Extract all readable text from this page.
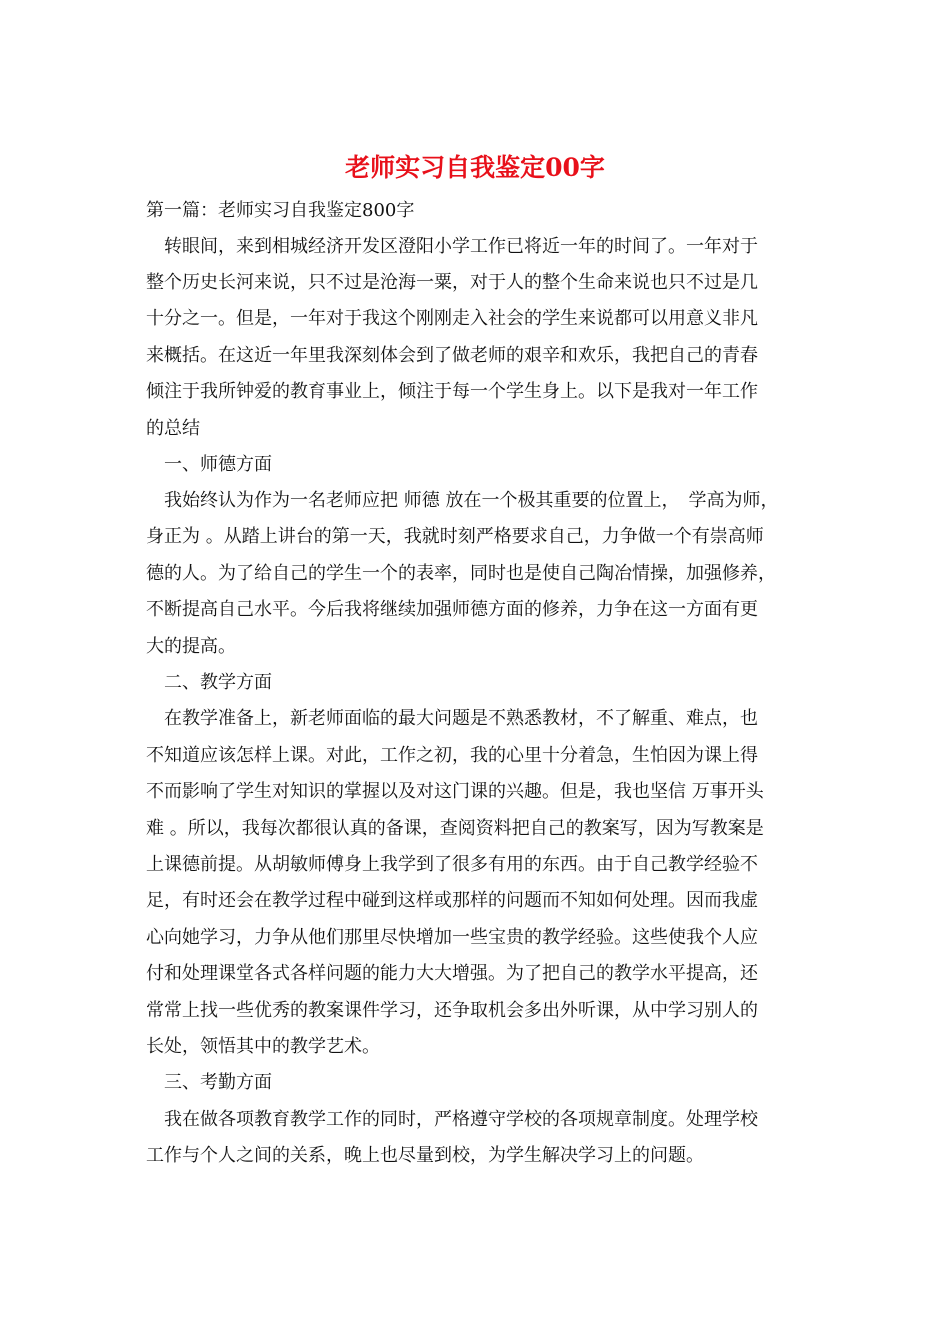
老师实习自我鉴定00字
第一篇：老师实习自我鉴定800字
　转眼间，来到相城经济开发区澄阳小学工作已将近一年的时间了。一年对于
整个历史长河来说，只不过是沧海一粟，对于人的整个生命来说也只不过是几
十分之一。但是，一年对于我这个刚刚走入社会的学生来说都可以用意义非凡
来概括。在这近一年里我深刻体会到了做老师的艰辛和欢乐，我把自己的青春
倾注于我所钟爱的教育事业上，倾注于每一个学生身上。以下是我对一年工作
的总结
　一、师德方面
　我始终认为作为一名老师应把 师德 放在一个极其重要的位置上，　学高为师，
身正为 。从踏上讲台的第一天，我就时刻严格要求自己，力争做一个有崇高师
德的人。为了给自己的学生一个的表率，同时也是使自己陶冶情操，加强修养，
不断提高自己水平。今后我将继续加强师德方面的修养，力争在这一方面有更
大的提高。
　二、教学方面
　在教学准备上，新老师面临的最大问题是不熟悉教材，不了解重、难点，也
不知道应该怎样上课。对此，工作之初，我的心里十分着急，生怕因为课上得
不而影响了学生对知识的掌握以及对这门课的兴趣。但是，我也坚信 万事开头
难 。所以，我每次都很认真的备课，查阅资料把自己的教案写，因为写教案是
上课德前提。从胡敏师傅身上我学到了很多有用的东西。由于自己教学经验不
足，有时还会在教学过程中碰到这样或那样的问题而不知如何处理。因而我虚
心向她学习，力争从他们那里尽快增加一些宝贵的教学经验。这些使我个人应
付和处理课堂各式各样问题的能力大大增强。为了把自己的教学水平提高，还
常常上找一些优秀的教案课件学习，还争取机会多出外听课，从中学习别人的
长处，领悟其中的教学艺术。
　三、考勤方面
　我在做各项教育教学工作的同时，严格遵守学校的各项规章制度。处理学校
工作与个人之间的关系，晚上也尽量到校，为学生解决学习上的问题。
